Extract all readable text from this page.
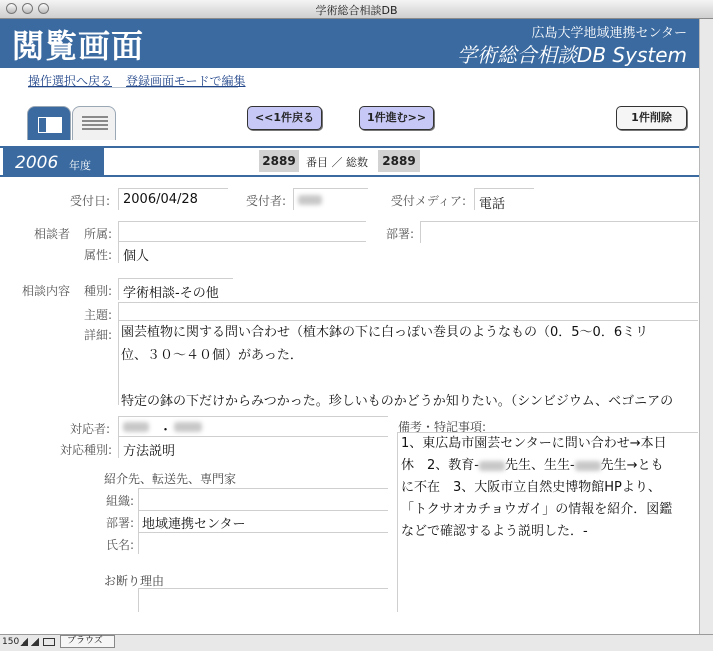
学術総合相談DB
閲覧画面	広島大学地域連携センター
学術総合相談DB System
操作選択へ戻る 登録画面モードで編集
<<1件戻る	1件進む>>	1件削除
2006 年度	2889 番目 ／ 総数	2889
受付日: 2006/04/28	受付者:	受付メディア: 電話
相談者	所属:	部署:
属性: 個人
相談内容	種別: 学術相談-その他
主題:
詳細: 園芸植物に関する問い合わせ（植木鉢の下に白っぽい巻貝のようなもの（0．5～0．6ミリ
位、３０～４０個）があった．
特定の鉢の下だけからみつかった。珍しいものかどうか知りたい。（シンビジウム、ベゴニアの
対応者:	・
対応種別: 方法説明
紹介先、転送先、専門家
組織:
部署: 地域連携センター
氏名:
お断り理由
備考・特記事項:
1、東広島市園芸センターに問い合わせ→本日
休　2、教育- 先生、生生- 先生→とも
に不在　3、大阪市立自然史博物館HPより、
「トクサオカチョウガイ」の情報を紹介．図鑑
などで確認するよう説明した．-
150	ブラウズ
